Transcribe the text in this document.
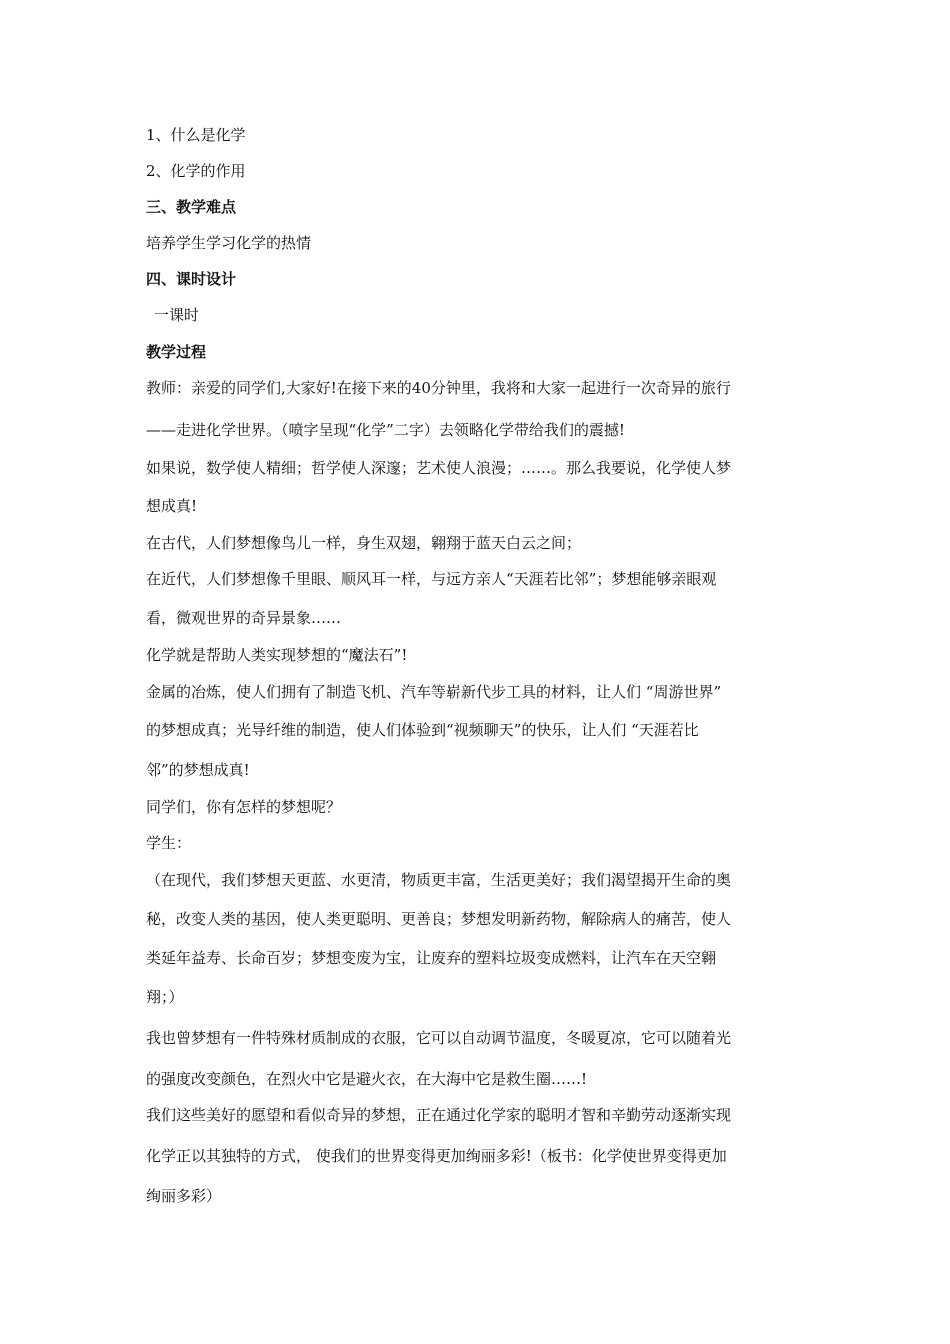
1、什么是化学
2、化学的作用
三、教学难点
培养学生学习化学的热情
四、课时设计
一课时
教学过程
教师：亲爱的同学们,大家好!在接下来的40分钟里，我将和大家一起进行一次奇异的旅行
——走进化学世界。（喷字呈现“化学”二字）去领略化学带给我们的震撼!
如果说，数学使人精细；哲学使人深邃；艺术使人浪漫；……。那么我要说，化学使人梦
想成真!
在古代，人们梦想像鸟儿一样，身生双翅，翱翔于蓝天白云之间；
在近代，人们梦想像千里眼、顺风耳一样，与远方亲人“天涯若比邻”；梦想能够亲眼观
看，微观世界的奇异景象……
化学就是帮助人类实现梦想的“魔法石”!
金属的冶炼，使人们拥有了制造飞机、汽车等崭新代步工具的材料，让人们 “周游世界”
的梦想成真；光导纤维的制造，使人们体验到“视频聊天”的快乐，让人们 “天涯若比
邻”的梦想成真!
同学们，你有怎样的梦想呢？
学生：
（在现代，我们梦想天更蓝、水更清，物质更丰富，生活更美好；我们渴望揭开生命的奥
秘，改变人类的基因，使人类更聪明、更善良；梦想发明新药物，解除病人的痛苦，使人
类延年益寿、长命百岁；梦想变废为宝，让废弃的塑料垃圾变成燃料，让汽车在天空翱
翔；）
我也曾梦想有一件特殊材质制成的衣服，它可以自动调节温度，冬暖夏凉，它可以随着光
的强度改变颜色，在烈火中它是避火衣，在大海中它是救生圈……!
我们这些美好的愿望和看似奇异的梦想，正在通过化学家的聪明才智和辛勤劳动逐渐实现
化学正以其独特的方式， 使我们的世界变得更加绚丽多彩!（板书：化学使世界变得更加
绚丽多彩）
